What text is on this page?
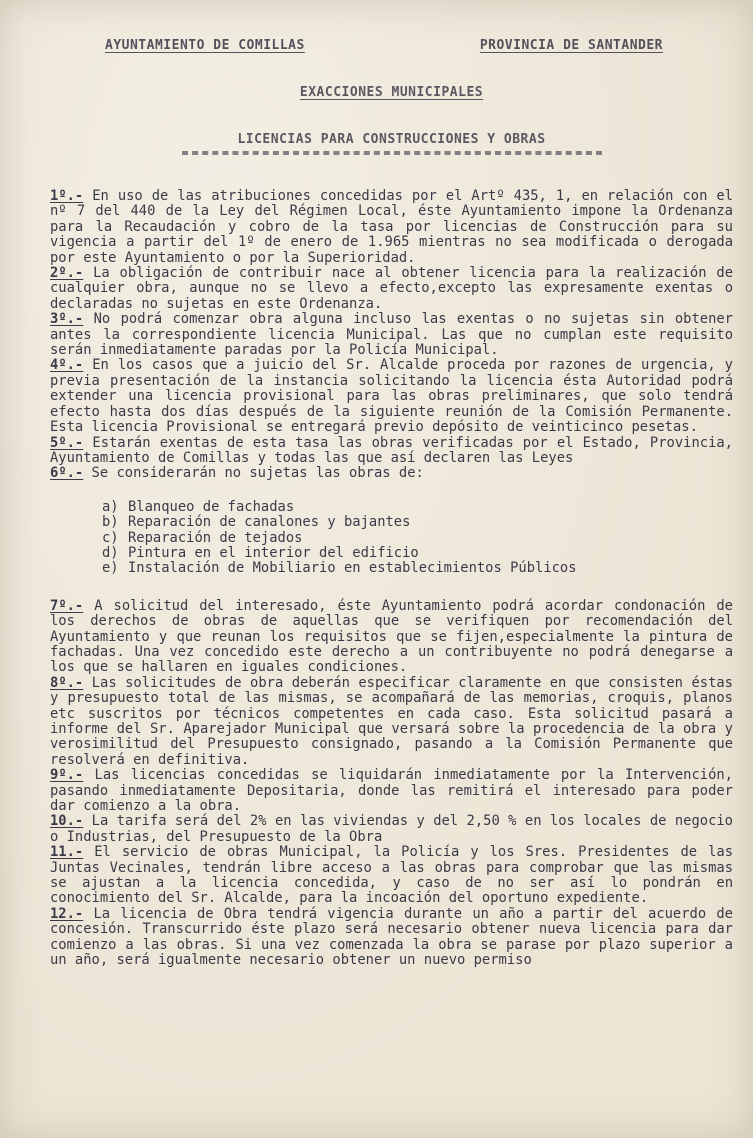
AYUNTAMIENTO DE COMILLAS	PROVINCIA DE SANTANDER
EXACCIONES MUNICIPALES
LICENCIAS PARA CONSTRUCCIONES Y OBRAS

1º.- En uso de las atribuciones concedidas por el Artº 435, 1, en relación con el nº 7 del 440 de la Ley del Régimen Local, éste Ayuntamiento impone la Ordenanza para la Recaudación y cobro de la tasa por licencias de Construcción para su vigencia a partir del 1º de enero de 1.965 mientras no sea modificada o derogada por este Ayuntamiento o por la Superioridad.

2º.- La obligación de contribuir nace al obtener licencia para la realización de cualquier obra, aunque no se llevo a efecto,excepto las expresamente exentas o declaradas no sujetas en este Ordenanza.

3º.- No podrá comenzar obra alguna incluso las exentas o no sujetas sin obtener antes la correspondiente licencia Municipal. Las que no cumplan este requisito serán inmediatamente paradas por la Policía Municipal.

4º.- En los casos que a juicio del Sr. Alcalde proceda por razones de urgencia, y previa presentación de la instancia solicitando la licencia ésta Autoridad podrá extender una licencia provisional para las obras preliminares, que solo tendrá efecto hasta dos días después de la siguiente reunión de la Comisión Permanente. Esta licencia Provisional se entregará previo depósito de veinticinco pesetas.

5º.- Estarán exentas de esta tasa las obras verificadas por el Estado, Provincia, Ayuntamiento de Comillas y todas las que así declaren las Leyes

6º.- Se considerarán no sujetas las obras de:

a) Blanqueo de fachadas
b) Reparación de canalones y bajantes
c) Reparación de tejados
d) Pintura en el interior del edificio
e) Instalación de Mobiliario en establecimientos Públicos

7º.- A solicitud del interesado, éste Ayuntamiento podrá acordar condonación de los derechos de obras de aquellas que se verifiquen por recomendación del Ayuntamiento y que reunan los requisitos que se fijen,especialmente la pintura de fachadas. Una vez concedido este derecho a un contribuyente no podrá denegarse a los que se hallaren en iguales condiciones.

8º.- Las solicitudes de obra deberán especificar claramente en que consisten éstas y presupuesto total de las mismas, se acompañará de las memorias, croquis, planos etc suscritos por técnicos competentes en cada caso. Esta solicitud pasará a informe del Sr. Aparejador Municipal que versará sobre la procedencia de la obra y verosimilitud del Presupuesto consignado, pasando a la Comisión Permanente que resolverá en definitiva.

9º.- Las licencias concedidas se liquidarán inmediatamente por la Intervención, pasando inmediatamente Depositaria, donde las remitirá el interesado para poder dar comienzo a la obra.

10.- La tarifa será del 2% en las viviendas y del 2,50 % en los locales de negocio o Industrias, del Presupuesto de la Obra

11.- El servicio de obras Municipal, la Policía y los Sres. Presidentes de las Juntas Vecinales, tendrán libre acceso a las obras para comprobar que las mismas se ajustan a la licencia concedida, y caso de no ser así lo pondrán en conocimiento del Sr. Alcalde, para la incoación del oportuno expediente.

12.- La licencia de Obra tendrá vigencia durante un año a partir del acuerdo de concesión. Transcurrido éste plazo será necesario obtener nueva licencia para dar comienzo a las obras. Si una vez comenzada la obra se parase por plazo superior a un año, será igualmente necesario obtener un nuevo permiso
